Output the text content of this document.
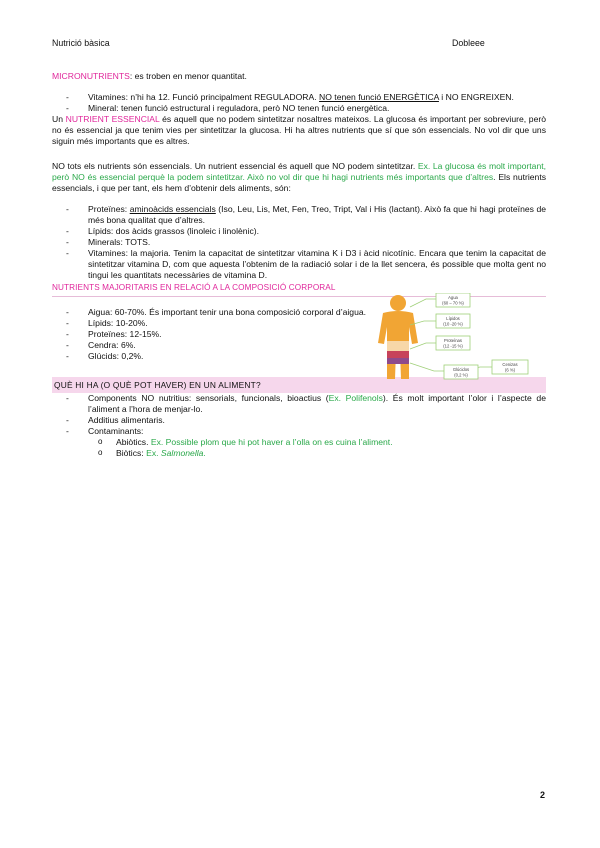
Nutrició bàsica	Dobleee

MICRONUTRIENTS: es troben en menor quantitat.

- Vitamines: n’hi ha 12. Funció principalment REGULADORA. NO tenen funció ENERGÈTICA i NO ENGREIXEN.
- Mineral: tenen funció estructural i reguladora, però NO tenen funció energètica.

Un NUTRIENT ESSENCIAL és aquell que no podem sintetitzar nosaltres mateixos. La glucosa és important per sobreviure, però no és essencial ja que tenim vies per sintetitzar la glucosa. Hi ha altres nutrients que sí que són essencials. No vol dir que uns siguin més importants que es altres.

NO tots els nutrients són essencials. Un nutrient essencial és aquell que NO podem sintetitzar. Ex. La glucosa és molt important, però NO és essencial perquè la podem sintetitzar. Això no vol dir que hi hagi nutrients més importants que d’altres. Els nutrients essencials, i que per tant, els hem d’obtenir dels aliments, són:

- Proteïnes: aminoàcids essencials (Iso, Leu, Lis, Met, Fen, Treo, Tript, Val i His (lactant). Això fa que hi hagi proteïnes de més bona qualitat que d’altres.
- Lípids: dos àcids grassos (linoleic i linolènic).
- Minerals: TOTS.
- Vitamines: la majoria. Tenim la capacitat de sintetitzar vitamina K i D3 i àcid nicotínic. Encara que tenim la capacitat de sintetitzar vitamina D, com que aquesta l’obtenim de la radiació solar i de la llet sencera, és possible que molta gent no tingui les quantitats necessàries de vitamina D.
NUTRIENTS MAJORITARIS EN RELACIÓ A LA COMPOSICIÓ CORPORAL
- Aigua: 60-70%. És important tenir una bona composició corporal d’aigua.
- Lípids: 10-20%.
- Proteïnes: 12-15%.
- Cendra: 6%.
- Glúcids: 0,2%.
Agua
(60 – 70 %)
Lípidos
(10 -20 %)
Proteínas
(12 -15 %)
Cenizas
(6 %)
Glúcidos
(0,2 %)
QUÈ HI HA (O QUÈ POT HAVER) EN UN ALIMENT?
- Components NO nutritius: sensorials, funcionals, bioactius (Ex. Polifenols). És molt important l’olor i l’aspecte de l’aliment a l’hora de menjar-lo.
- Additius alimentaris.
- Contaminants:
o Abiòtics. Ex. Possible plom que hi pot haver a l’olla on es cuina l’aliment.
o Biòtics: Ex. Salmonella.
2
